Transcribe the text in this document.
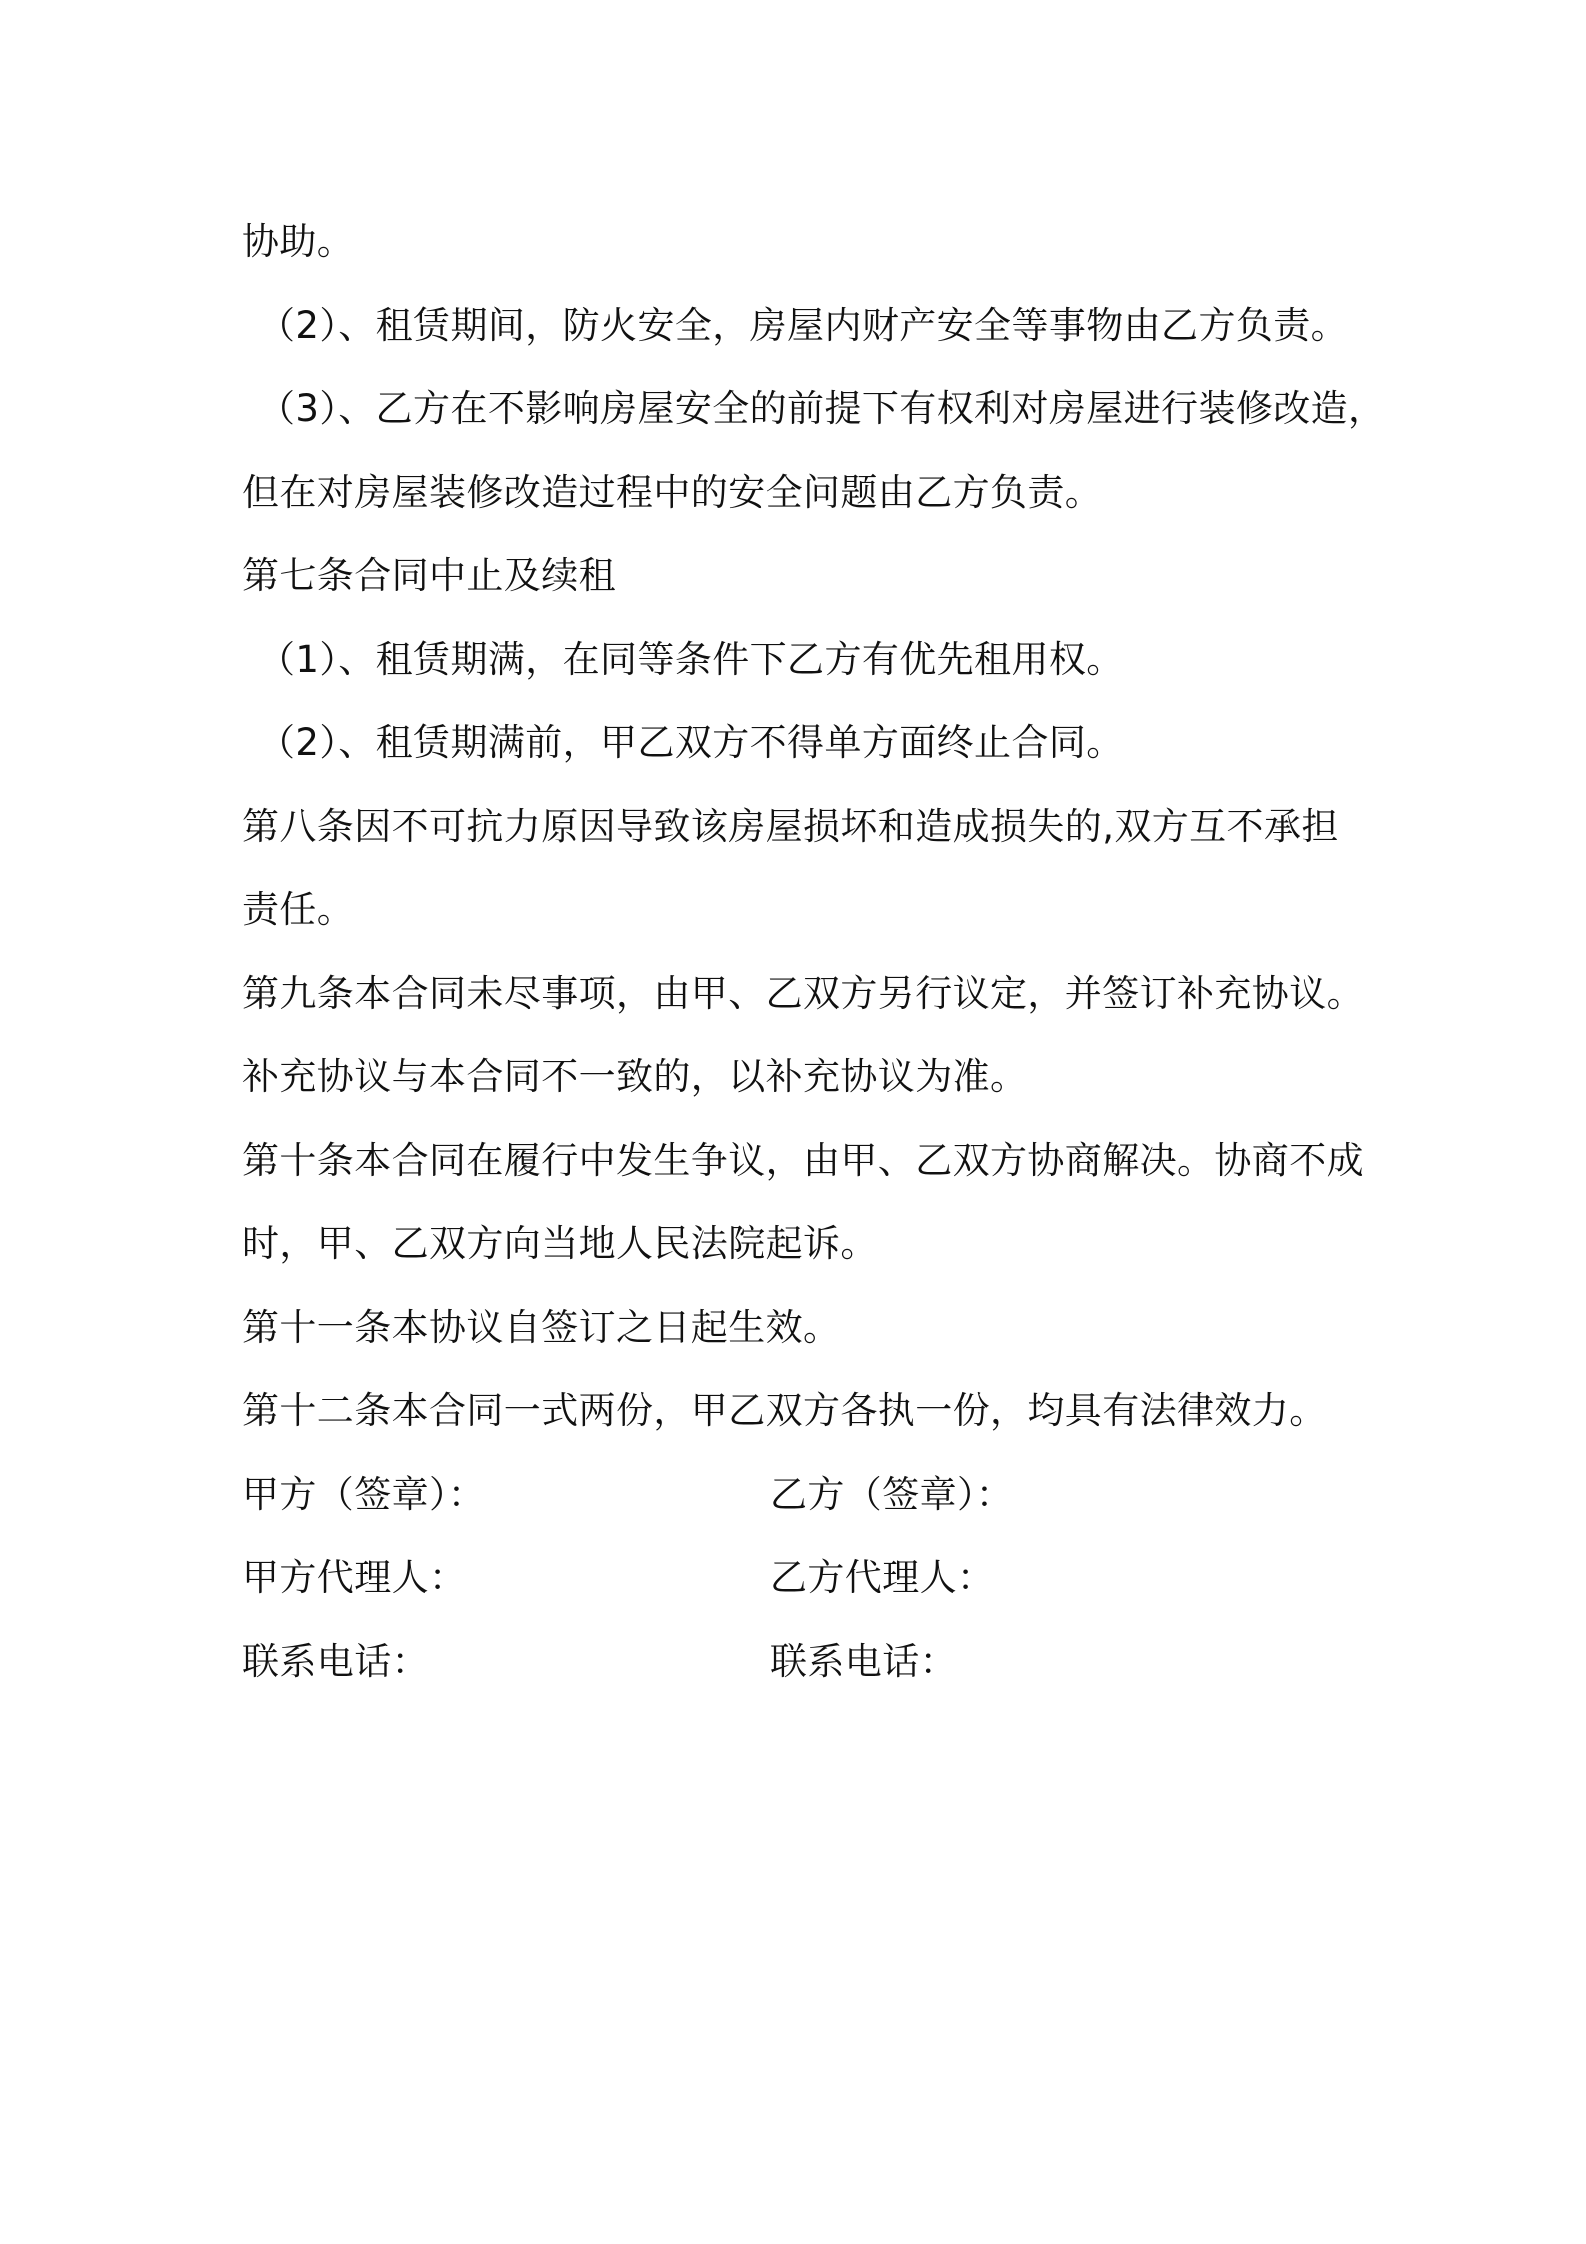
协助。
（2）、租赁期间，防火安全，房屋内财产安全等事物由乙方负责。
（3）、乙方在不影响房屋安全的前提下有权利对房屋进行装修改造，
但在对房屋装修改造过程中的安全问题由乙方负责。
第七条合同中止及续租
（1）、租赁期满，在同等条件下乙方有优先租用权。
（2）、租赁期满前，甲乙双方不得单方面终止合同。
第八条因不可抗力原因导致该房屋损坏和造成损失的,双方互不承担
责任。
第九条本合同未尽事项，由甲、乙双方另行议定，并签订补充协议。
补充协议与本合同不一致的，以补充协议为准。
第十条本合同在履行中发生争议，由甲、乙双方协商解决。协商不成
时，甲、乙双方向当地人民法院起诉。
第十一条本协议自签订之日起生效。
第十二条本合同一式两份，甲乙双方各执一份，均具有法律效力。
甲方（签章）：	乙方（签章）：
甲方代理人：	乙方代理人：
联系电话：	联系电话：
